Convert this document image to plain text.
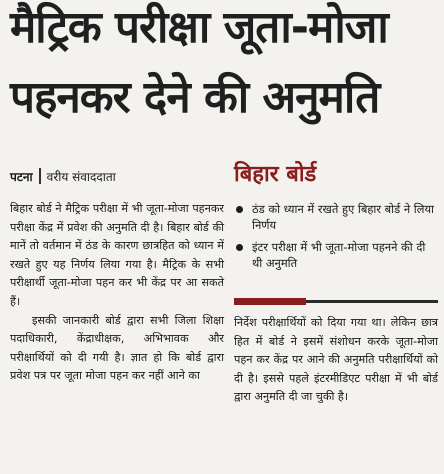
मैट्रिक परीक्षा जूता-मोजा
पहनकर देने की अनुमति
पटना वरीय संवाददाता	बिहार बोर्ड

बिहार बोर्ड ने मैट्रिक परीक्षा में भी जूता-मोजा पहनकर परीक्षा केंद्र में प्रवेश की अनुमति दी है। बिहार बोर्ड की मानें तो वर्तमान में ठंड के कारण छात्रहित को ध्यान में रखते हुए यह निर्णय लिया गया है। मैट्रिक के सभी परीक्षार्थी जूता-मोजा पहन कर भी केंद्र पर आ सकते हैं।

इसकी जानकारी बोर्ड द्वारा सभी जिला शिक्षा पदाधिकारी, केंद्राधीक्षक, अभिभावक और परीक्षार्थियों को दी गयी है। ज्ञात हो कि बोर्ड द्वारा प्रवेश पत्र पर जूता मोजा पहन कर नहीं आने का

ठंड को ध्यान में रखते हुए बिहार बोर्ड ने लिया निर्णय
इंटर परीक्षा में भी जूता-मोजा पहनने की दी थी अनुमति

निर्देश परीक्षार्थियों को दिया गया था। लेकिन छात्र हित में बोर्ड ने इसमें संशोधन करके जूता-मोजा पहन कर केंद्र पर आने की अनुमति परीक्षार्थियों को दी है। इससे पहले इंटरमीडिएट परीक्षा में भी बोर्ड द्वारा अनुमति दी जा चुकी है।
